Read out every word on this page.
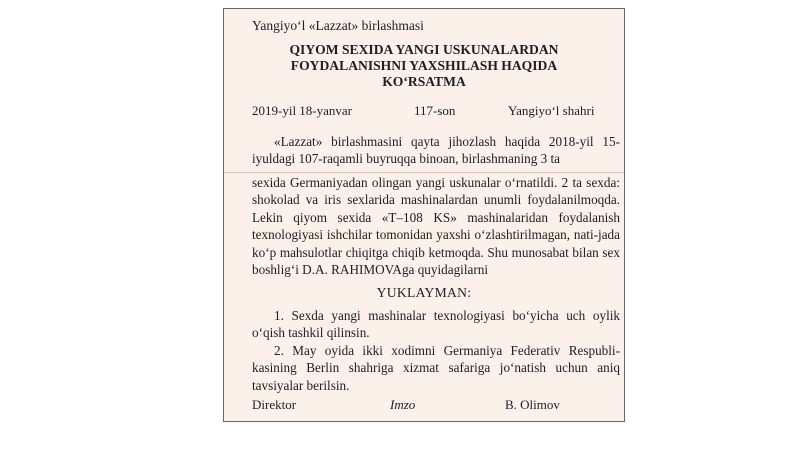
Yangiyo‘l «Lazzat» birlashmasi
QIYOM SEXIDA YANGI USKUNALARDAN
FOYDALANISHNI YAXSHILASH HAQIDA
KO‘RSATMA
2019-yil 18-yanvar	117-son	Yangiyo‘l shahri
«Lazzat» birlashmasini qayta jihozlash haqida 2018-yil 15-iyuldagi 107-raqamli buyruqqa binoan, birlashmaning 3 ta
sexida Germaniyadan olingan yangi uskunalar o‘rnatildi. 2 ta sexda: shokolad va iris sexlarida mashinalardan unumli foydalanilmoqda. Lekin qiyom sexida «T–108 KS» mashinalaridan foydalanish texnologiyasi ishchilar tomonidan yaxshi o‘zlashtirilmagan, nati-jada ko‘p mahsulotlar chiqitga chiqib ketmoqda. Shu munosabat bilan sex boshlig‘i D.A. RAHIMOVAga quyidagilarni
YUKLAYMAN:
1. Sexda yangi mashinalar texnologiyasi bo‘yicha uch oylik o‘qish tashkil qilinsin.
2. May oyida ikki xodimni Germaniya Federativ Respubli-kasining Berlin shahriga xizmat safariga jo‘natish uchun aniq tavsiyalar berilsin.
Direktor	Imzo	B. Olimov
